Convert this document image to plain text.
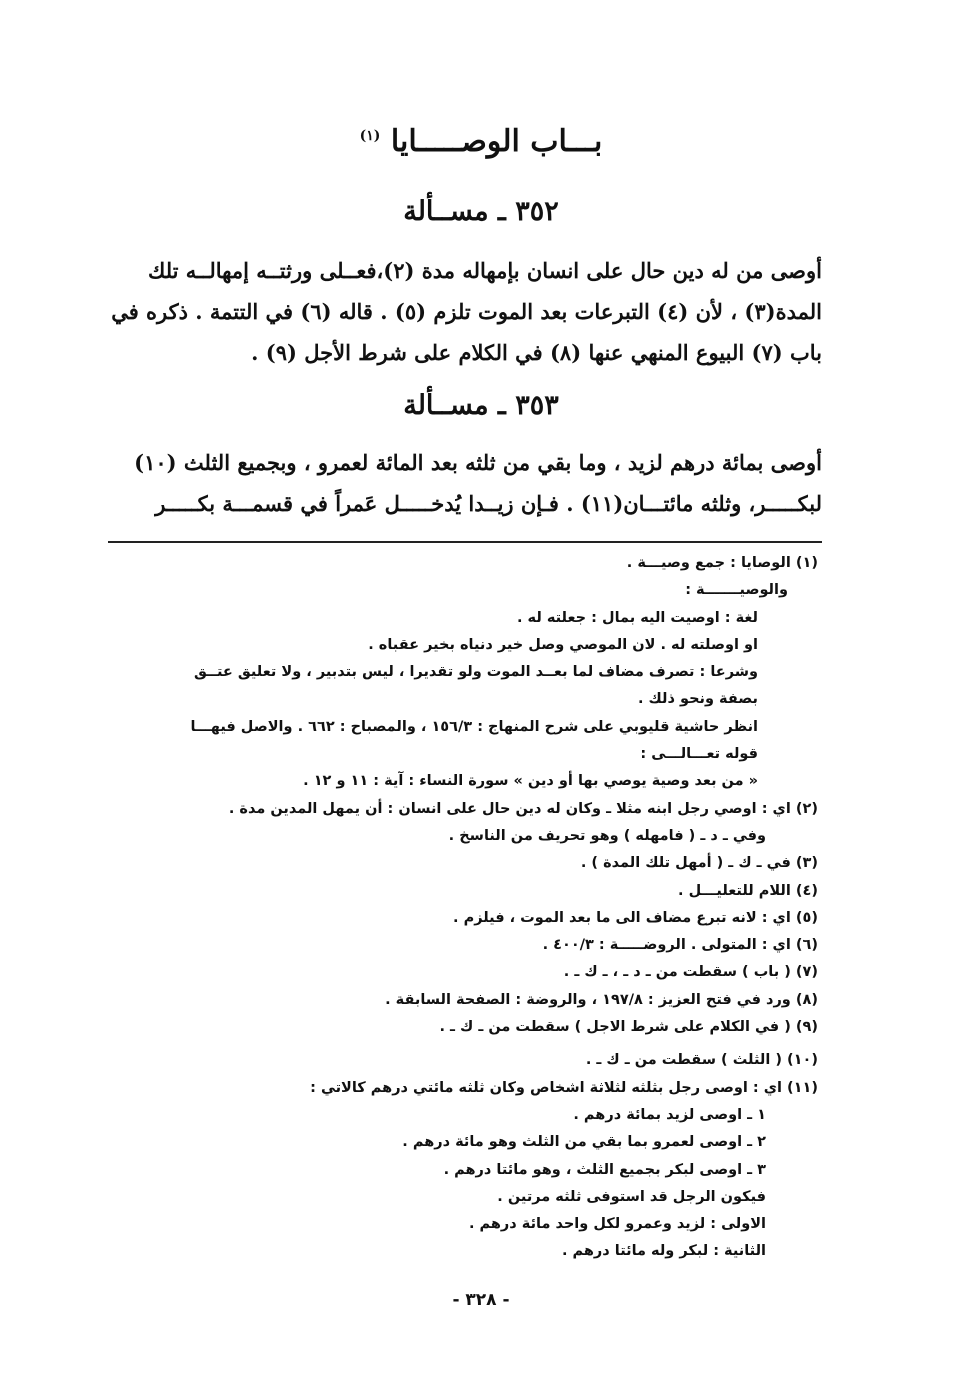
بـــاب الوصـــــايا $^{(١)}$
٣٥٢ ـ مســألة
أوصى من له دين حال على انسان بإمهاله مدة (٢)،فعــلى ورثتــه إمهالــه تلك
المدة(٣) ، لأن (٤) التبرعات بعد الموت تلزم (٥) . قاله (٦) في التتمة . ذكره في
باب (٧) البيوع المنهي عنها (٨) في الكلام على شرط الأجل (٩) .
٣٥٣ ـ مســألة
أوصى بمائة درهم لزيد ، وما بقي من ثلثه بعد المائة لعمرو ، وبجميع الثلث (١٠)
لبكـــــر، وثلثه مائتـــان(١١) . فـإن زيــدا يُدخـــــل عَمراً في قسمـــة بكـــــر
(١) الوصايا : جمع وصيـــة .
والوصيـــــــة :
لغة : اوصيت اليه بمال : جعلته له .
او اوصلته له . لان الموصي وصل خير دنياه بخير عقباه .
وشرعا : تصرف مضاف لما بعــد الموت ولو تقديرا ، ليس بتدبير ، ولا تعليق عتــق
بصفة ونحو ذلك .
انظر حاشية قليوبي على شرح المنهاج : ١٥٦/٣ ، والمصباح : ٦٦٢ . والاصل فيهـــا
قوله تعـــالـــى :
« من بعد وصية يوصي بها أو دين » سورة النساء : آية : ١١ و ١٢ .
(٢) اي : اوصي رجل ابنه مثلا ـ وكان له دين حال على انسان : أن يمهل المدين مدة .
وفي ـ د ـ ( فامهله ) وهو تحريف من الناسخ .
(٣) في ـ ك ـ ( أمهل تلك المدة ) .
(٤) اللام للتعليـــل .
(٥) اي : لانه تبرع مضاف الى ما بعد الموت ، فيلزم .
(٦) اي : المتولى . الروضـــــة : ٤٠٠/٣ .
(٧) ( باب ) سقطت من ـ د ـ ، ـ ك ـ .
(٨) ورد في فتح العزيز : ١٩٧/٨ ، والروضة : الصفحة السابقة .
(٩) ( في الكلام على شرط الاجل ) سقطت من ـ ك ـ .
(١٠) ( الثلث ) سقطت من ـ ك ـ .
(١١) اي : اوصى رجل بثلثه لثلاثة اشخاص وكان ثلثه مائتي درهم كالاتي :
١ ـ اوصى لزيد بمائة درهم .
٢ ـ اوصى لعمرو بما بقي من الثلث وهو مائة درهم .
٣ ـ اوصى لبكر بجميع الثلث ، وهو مائتا درهم .
فيكون الرجل قد استوفى ثلثه مرتين .
الاولى : لزيد وعمرو لكل واحد مائة درهم .
الثانية : لبكر وله مائتا درهم .
- ٣٢٨ -
